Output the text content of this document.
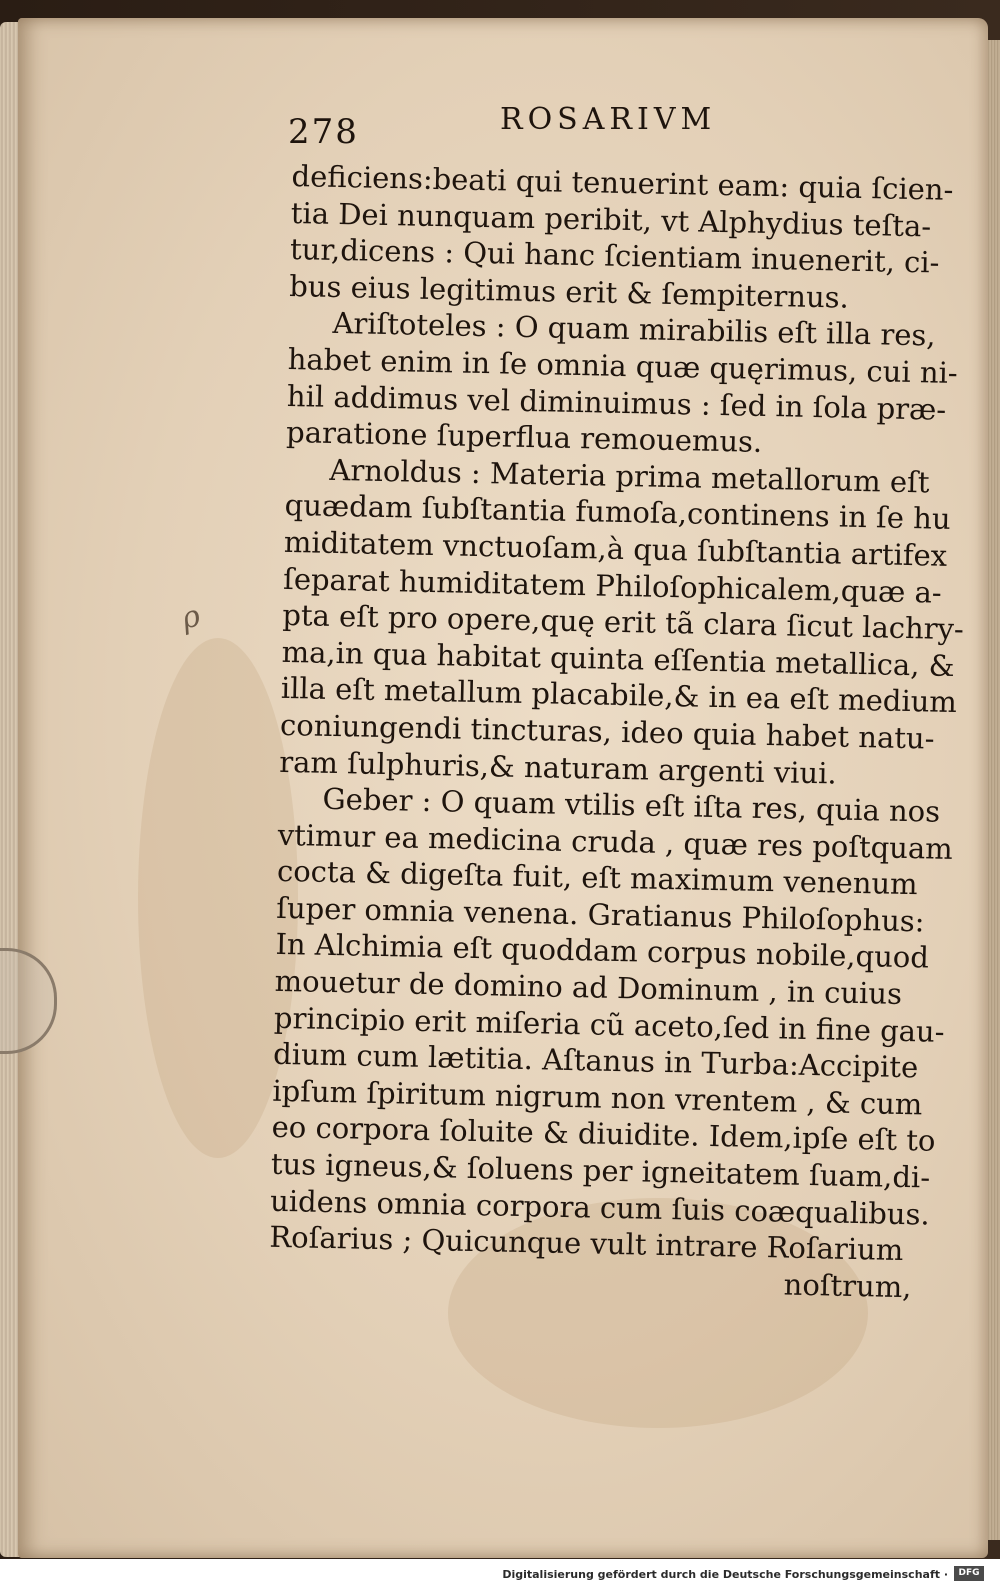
278	ROSARIVM
ρ
deficiens:beati qui tenuerint eam: quia ſcien-
tia Dei nunquam peribit, vt Alphydius teſta-
tur,dicens : Qui hanc ſcientiam inuenerit, ci-
bus eius legitimus erit & ſempiternus.
Ariſtoteles : O quam mirabilis eſt illa res,
habet enim in ſe omnia quæ quęrimus, cui ni-
hil addimus vel diminuimus : ſed in ſola præ-
paratione ſuperflua remouemus.
Arnoldus : Materia prima metallorum eſt
quædam ſubſtantia fumoſa,continens in ſe hu
miditatem vnctuoſam,à qua ſubſtantia artifex
ſeparat humiditatem Philoſophicalem,quæ a-
pta eſt pro opere,quę erit tã clara ſicut lachry-
ma,in qua habitat quinta eſſentia metallica, &
illa eſt metallum placabile,& in ea eſt medium
coniungendi tincturas, ideo quia habet natu-
ram ſulphuris,& naturam argenti viui.
Geber : O quam vtilis eſt iſta res, quia nos
vtimur ea medicina cruda , quæ res poſtquam
cocta & digeſta fuit, eſt maximum venenum
ſuper omnia venena. Gratianus Philoſophus:
In Alchimia eſt quoddam corpus nobile,quod
mouetur de domino ad Dominum , in cuius
principio erit miſeria cũ aceto,ſed in fine gau-
dium cum lætitia. Aſtanus in Turba:Accipite
ipſum ſpiritum nigrum non vrentem , & cum
eo corpora ſoluite & diuidite. Idem,ipſe eſt to
tus igneus,& ſoluens per igneitatem ſuam,di-
uidens omnia corpora cum ſuis coæqualibus.
Roſarius ; Quicunque vult intrare Roſarium
noſtrum,
Digitalisierung gefördert durch die Deutsche Forschungsgemeinschaft ·	DFG
